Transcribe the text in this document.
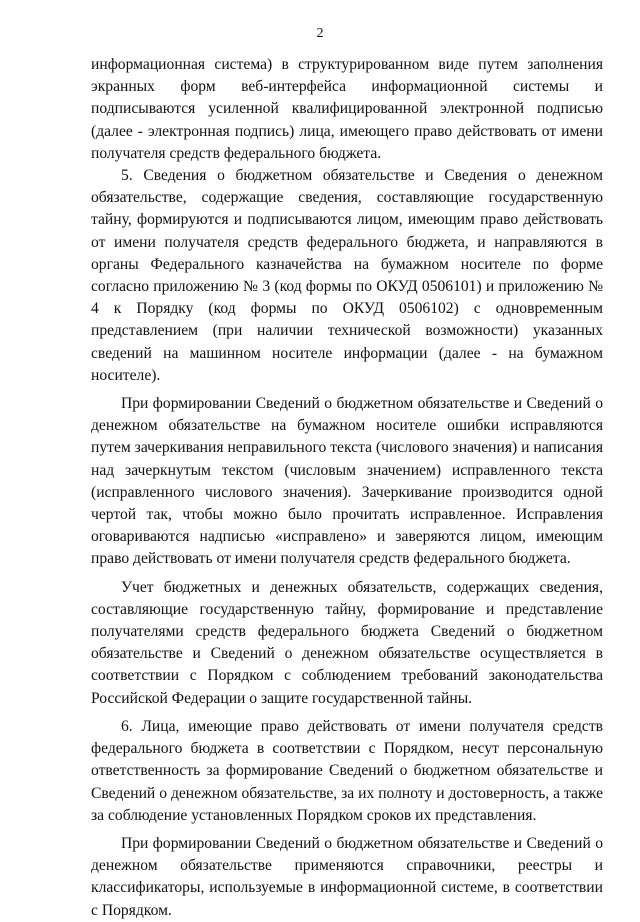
2

информационная система) в структурированном виде путем заполнения экранных форм веб-интерфейса информационной системы и подписываются усиленной квалифицированной электронной подписью (далее - электронная подпись) лица, имеющего право действовать от имени получателя средств федерального бюджета.

5. Сведения о бюджетном обязательстве и Сведения о денежном обязательстве, содержащие сведения, составляющие государственную тайну, формируются и подписываются лицом, имеющим право действовать от имени получателя средств федерального бюджета, и направляются в органы Федерального казначейства на бумажном носителе по форме согласно приложению № 3 (код формы по ОКУД 0506101) и приложению № 4 к Порядку (код формы по ОКУД 0506102) с одновременным представлением (при наличии технической возможности) указанных сведений на машинном носителе информации (далее - на бумажном носителе).

При формировании Сведений о бюджетном обязательстве и Сведений о денежном обязательстве на бумажном носителе ошибки исправляются путем зачеркивания неправильного текста (числового значения) и написания над зачеркнутым текстом (числовым значением) исправленного текста (исправленного числового значения). Зачеркивание производится одной чертой так, чтобы можно было прочитать исправленное. Исправления оговариваются надписью «исправлено» и заверяются лицом, имеющим право действовать от имени получателя средств федерального бюджета.

Учет бюджетных и денежных обязательств, содержащих сведения, составляющие государственную тайну, формирование и представление получателями средств федерального бюджета Сведений о бюджетном обязательстве и Сведений о денежном обязательстве осуществляется в соответствии с Порядком с соблюдением требований законодательства Российской Федерации о защите государственной тайны.

6. Лица, имеющие право действовать от имени получателя средств федерального бюджета в соответствии с Порядком, несут персональную ответственность за формирование Сведений о бюджетном обязательстве и Сведений о денежном обязательстве, за их полноту и достоверность, а также за соблюдение установленных Порядком сроков их представления.

При формировании Сведений о бюджетном обязательстве и Сведений о денежном обязательстве применяются справочники, реестры и классификаторы, используемые в информационной системе, в соответствии с Порядком.
